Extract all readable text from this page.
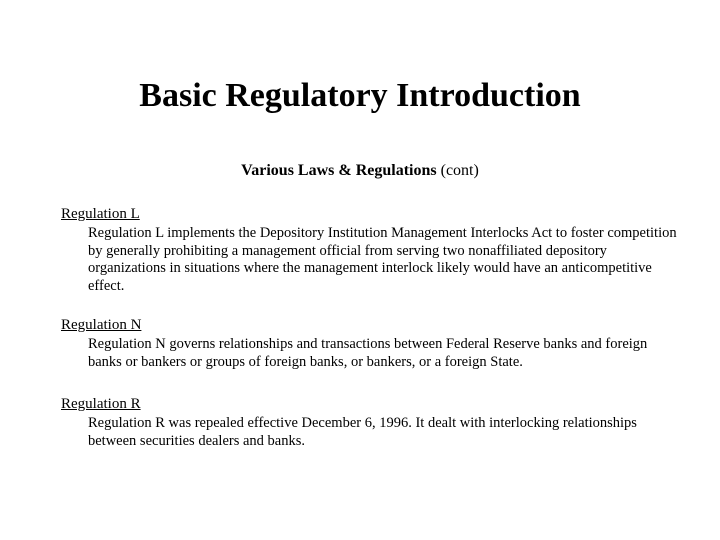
Basic Regulatory Introduction

Various Laws & Regulations (cont)

Regulation L

Regulation L implements the Depository Institution Management Interlocks Act to foster competition by generally prohibiting a management official from serving two nonaffiliated depository organizations in situations where the management interlock likely would have an anticompetitive effect.

Regulation N

Regulation N governs relationships and transactions between Federal Reserve banks and foreign banks or bankers or groups of foreign banks, or bankers, or a foreign State.

Regulation R

Regulation R was repealed effective December 6, 1996. It dealt with interlocking relationships between securities dealers and banks.
